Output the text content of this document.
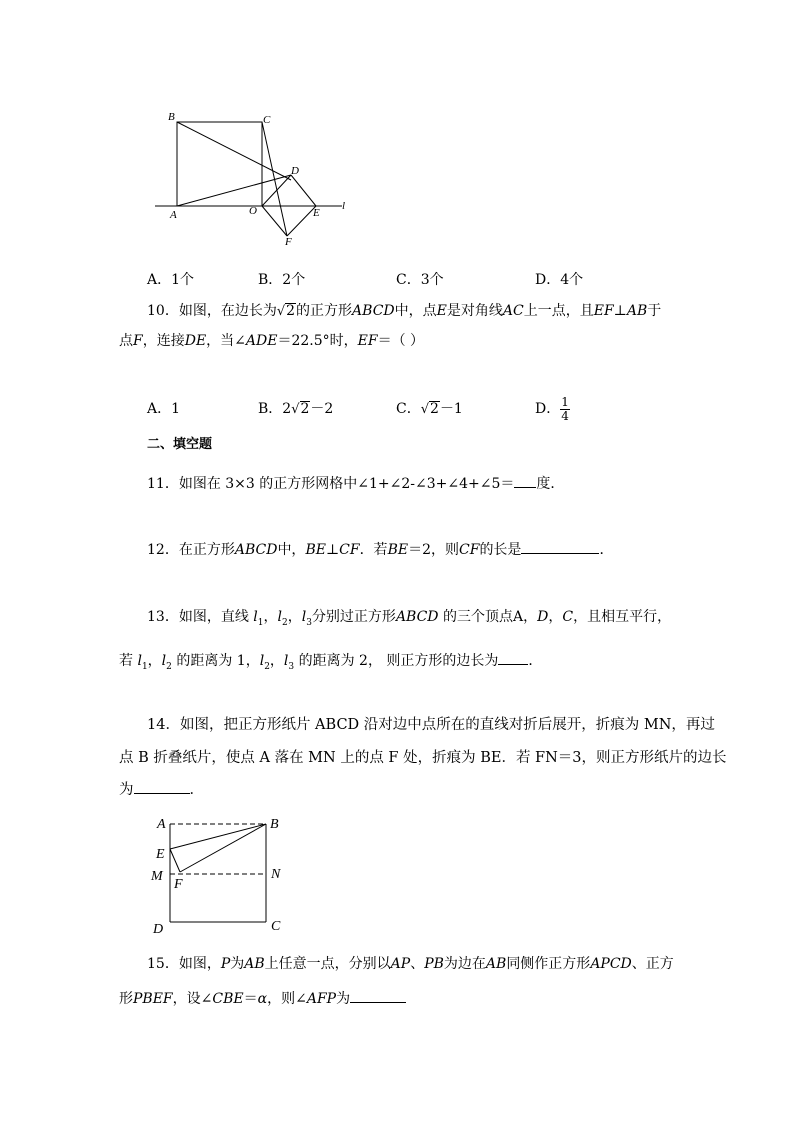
B	C
D
A	O	E
F
l
A．1个	B．2个	C．3个	D．4个
10．如图，在边长为√2的正方形ABCD中，点E是对角线AC上一点，且EF⊥AB于
点F，连接DE，当∠ADE＝22.5°时，EF＝（ ）
A．1	B．2√2－2	C．√2－1	D． $\frac{1}{4}$
二、填空题
11．如图在 3×3 的正方形网格中∠1+∠2-∠3+∠4+∠5＝ 度．
12．在正方形ABCD中，BE⊥CF．若BE＝2，则CF的长是	．
13．如图，直线 $l_1$，$l_2$，$l_3$分别过正方形ABCD 的三个顶点A，D，C，且相互平行，
若 $l_1$，$l_2$ 的距离为 1，$l_2$，$l_3$ 的距离为 2， 则正方形的边长为 ．
14．如图，把正方形纸片 ABCD 沿对边中点所在的直线对折后展开，折痕为 MN，再过
点 B 折叠纸片，使点 A 落在 MN 上的点 F 处，折痕为 BE．若 FN＝3，则正方形纸片的边长
为	．
A	B
E
M
F
N
D	C
15．如图，P为AB上任意一点，分别以AP、PB为边在AB同侧作正方形APCD、正方
形PBEF，设∠CBE＝α，则∠AFP为
